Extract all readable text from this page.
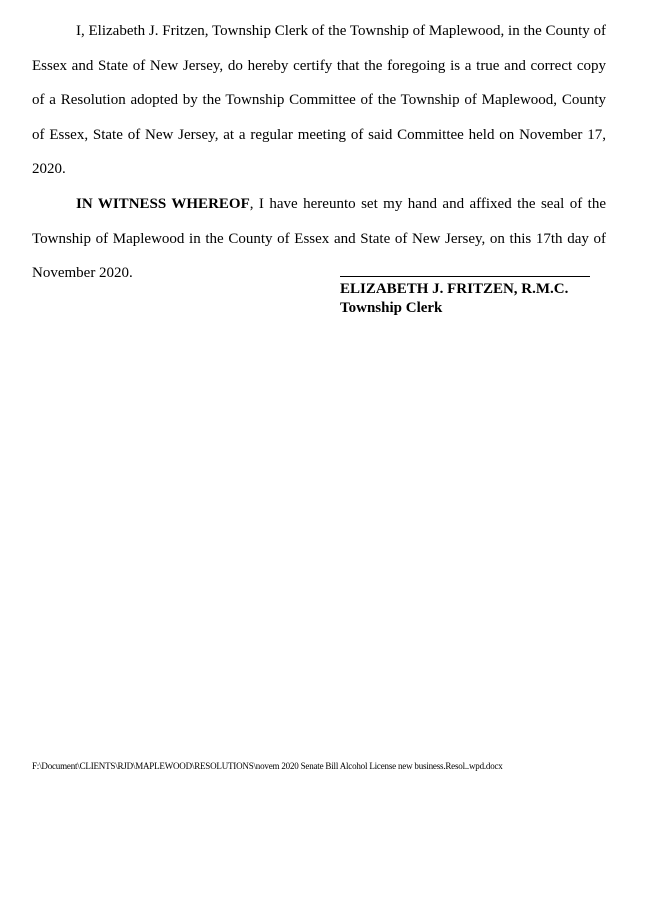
I, Elizabeth J. Fritzen, Township Clerk of the Township of Maplewood, in the County of Essex and State of New Jersey, do hereby certify that the foregoing is a true and correct copy of a Resolution adopted by the Township Committee of the Township of Maplewood, County of Essex, State of New Jersey, at a regular meeting of said Committee held on November 17, 2020.

IN WITNESS WHEREOF, I have hereunto set my hand and affixed the seal of the Township of Maplewood in the County of Essex and State of New Jersey, on this 17th day of November 2020.

ELIZABETH J. FRITZEN, R.M.C.
Township Clerk
F:\Document\CLIENTS\RJD\MAPLEWOOD\RESOLUTIONS\novem 2020 Senate Bill Alcohol License new business.Resol..wpd.docx
